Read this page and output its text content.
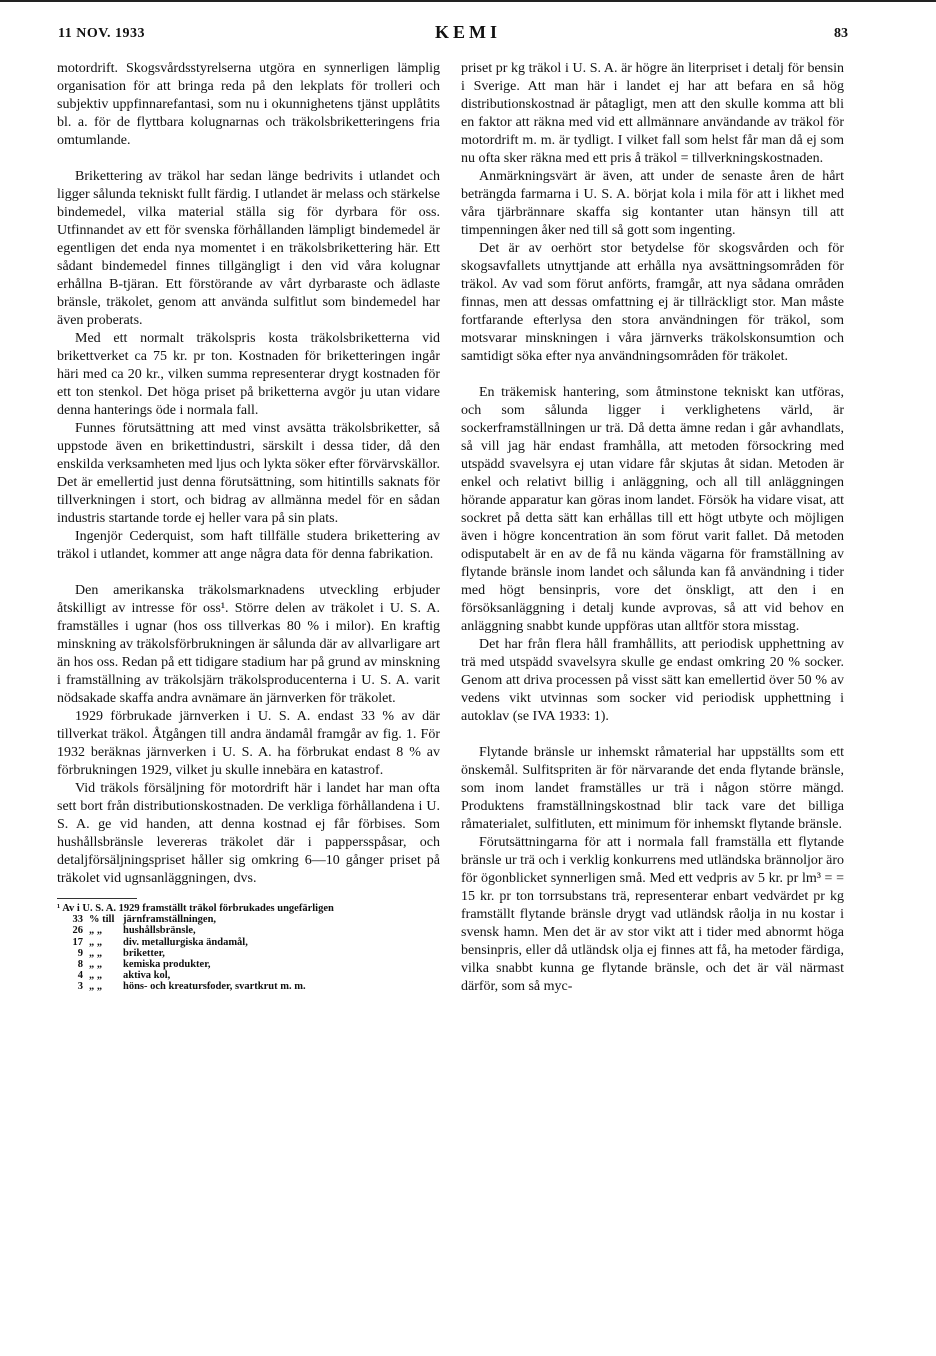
11 NOV. 1933	KEMI	83

motordrift. Skogsvårdsstyrelserna utgöra en synnerligen lämplig organisation för att bringa reda på den lekplats för trolleri och subjektiv uppfinnarefantasi, som nu i okunnighetens tjänst upplåtits bl. a. för de flyttbara kolugnarnas och träkolsbriketteringens fria omtumlande.

Brikettering av träkol har sedan länge bedrivits i utlandet och ligger sålunda tekniskt fullt färdig. I utlandet är melass och stärkelse bindemedel, vilka material ställa sig för dyrbara för oss. Utfinnandet av ett för svenska förhållanden lämpligt bindemedel är egentligen det enda nya momentet i en träkolsbrikettering här. Ett sådant bindemedel finnes tillgängligt i den vid våra kolugnar erhållna B-tjäran. Ett förstörande av vårt dyrbaraste och ädlaste bränsle, träkolet, genom att använda sulfitlut som bindemedel har även proberats.

Med ett normalt träkolspris kosta träkolsbriketterna vid brikettverket ca 75 kr. pr ton. Kostnaden för briketteringen ingår häri med ca 20 kr., vilken summa representerar drygt kostnaden för ett ton stenkol. Det höga priset på briketterna avgör ju utan vidare denna hanterings öde i normala fall.

Funnes förutsättning att med vinst avsätta träkolsbriketter, så uppstode även en brikettindustri, särskilt i dessa tider, då den enskilda verksamheten med ljus och lykta söker efter förvärvskällor. Det är emellertid just denna förutsättning, som hitintills saknats för tillverkningen i stort, och bidrag av allmänna medel för en sådan industris startande torde ej heller vara på sin plats.

Ingenjör Cederquist, som haft tillfälle studera brikettering av träkol i utlandet, kommer att ange några data för denna fabrikation.

Den amerikanska träkolsmarknadens utveckling erbjuder åtskilligt av intresse för oss¹. Större delen av träkolet i U. S. A. framställes i ugnar (hos oss tillverkas 80 % i milor). En kraftig minskning av träkolsförbrukningen är sålunda där av allvarligare art än hos oss. Redan på ett tidigare stadium har på grund av minskning i framställning av träkolsjärn träkolsproducenterna i U. S. A. varit nödsakade skaffa andra avnämare än järnverken för träkolet.

1929 förbrukade järnverken i U. S. A. endast 33 % av där tillverkat träkol. Åtgången till andra ändamål framgår av fig. 1. För 1932 beräknas järnverken i U. S. A. ha förbrukat endast 8 % av förbrukningen 1929, vilket ju skulle innebära en katastrof.

Vid träkols försäljning för motordrift här i landet har man ofta sett bort från distributionskostnaden. De verkliga förhållandena i U. S. A. ge vid handen, att denna kostnad ej får förbises. Som hushållsbränsle levereras träkolet där i pappersspåsar, och detaljförsäljningspriset håller sig omkring 6—10 gånger priset på träkolet vid ugnsanläggningen, dvs.

¹ Av i U. S. A. 1929 framställt träkol förbrukades ungefärligen
33 % till järnframställningen,
26 „ „	hushållsbränsle,
17 „ „	div. metallurgiska ändamål,
9 „ „	briketter,
8 „ „	kemiska produkter,
4 „ „	aktiva kol,
3 „ „	höns- och kreatursfoder, svartkrut m. m.

priset pr kg träkol i U. S. A. är högre än literpriset i detalj för bensin i Sverige. Att man här i landet ej har att befara en så hög distributionskostnad är påtagligt, men att den skulle komma att bli en faktor att räkna med vid ett allmännare användande av träkol för motordrift m. m. är tydligt. I vilket fall som helst får man då ej som nu ofta sker räkna med ett pris å träkol = tillverkningskostnaden.

Anmärkningsvärt är även, att under de senaste åren de hårt beträngda farmarna i U. S. A. börjat kola i mila för att i likhet med våra tjärbrännare skaffa sig kontanter utan hänsyn till att timpenningen åker ned till så gott som ingenting.

Det är av oerhört stor betydelse för skogsvården och för skogsavfallets utnyttjande att erhålla nya avsättningsområden för träkol. Av vad som förut anförts, framgår, att nya sådana områden finnas, men att dessas omfattning ej är tillräckligt stor. Man måste fortfarande efterlysa den stora användningen för träkol, som motsvarar minskningen i våra järnverks träkolskonsumtion och samtidigt söka efter nya användningsområden för träkolet.

En träkemisk hantering, som åtminstone tekniskt kan utföras, och som sålunda ligger i verklighetens värld, är sockerframställningen ur trä. Då detta ämne redan i går avhandlats, så vill jag här endast framhålla, att metoden försockring med utspädd svavelsyra ej utan vidare får skjutas åt sidan. Metoden är enkel och relativt billig i anläggning, och all till anläggningen hörande apparatur kan göras inom landet. Försök ha vidare visat, att sockret på detta sätt kan erhållas till ett högt utbyte och möjligen även i högre koncentration än som förut varit fallet. Då metoden odisputabelt är en av de få nu kända vägarna för framställning av flytande bränsle inom landet och sålunda kan få användning i tider med högt bensinpris, vore det önskligt, att den i en försöksanläggning i detalj kunde avprovas, så att vid behov en anläggning snabbt kunde uppföras utan alltför stora misstag.

Det har från flera håll framhållits, att periodisk upphettning av trä med utspädd svavelsyra skulle ge endast omkring 20 % socker. Genom att driva processen på visst sätt kan emellertid över 50 % av vedens vikt utvinnas som socker vid periodisk upphettning i autoklav (se IVA 1933: 1).

Flytande bränsle ur inhemskt råmaterial har uppställts som ett önskemål. Sulfitspriten är för närvarande det enda flytande bränsle, som inom landet framställes ur trä i någon större mängd. Produktens framställningskostnad blir tack vare det billiga råmaterialet, sulfitluten, ett minimum för inhemskt flytande bränsle.

Förutsättningarna för att i normala fall framställa ett flytande bränsle ur trä och i verklig konkurrens med utländska brännoljor äro för ögonblicket synnerligen små. Med ett vedpris av 5 kr. pr lm³ = = 15 kr. pr ton torrsubstans trä, representerar enbart vedvärdet pr kg framställt flytande bränsle drygt vad utländsk råolja in nu kostar i svensk hamn. Men det är av stor vikt att i tider med abnormt höga bensinpris, eller då utländsk olja ej finnes att få, ha metoder färdiga, vilka snabbt kunna ge flytande bränsle, och det är väl närmast därför, som så myc-
